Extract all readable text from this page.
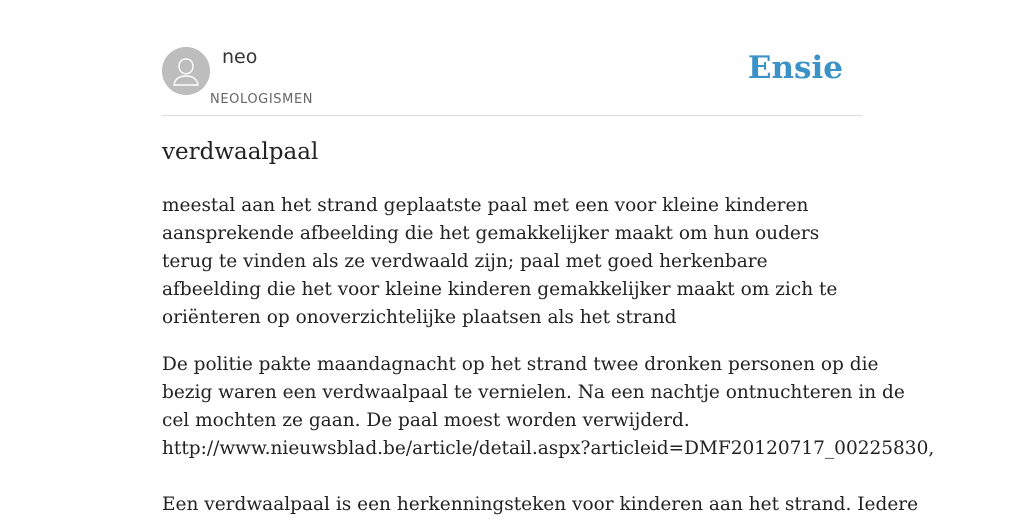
neo
NEOLOGISMEN
Ensie
verdwaalpaal

meestal aan het strand geplaatste paal met een voor kleine kinderen aansprekende afbeelding die het gemakkelijker maakt om hun ouders terug te vinden als ze verdwaald zijn; paal met goed herkenbare afbeelding die het voor kleine kinderen gemakkelijker maakt om zich te oriënteren op onoverzichtelijke plaatsen als het strand

De politie pakte maandagnacht op het strand twee dronken personen op die
bezig waren een verdwaalpaal te vernielen. Na een nachtje ontnuchteren in de
cel mochten ze gaan. De paal moest worden verwijderd.
http://www.nieuwsblad.be/article/detail.aspx?articleid=DMF20120717_00225830,
Een verdwaalpaal is een herkenningsteken voor kinderen aan het strand. Iedere
